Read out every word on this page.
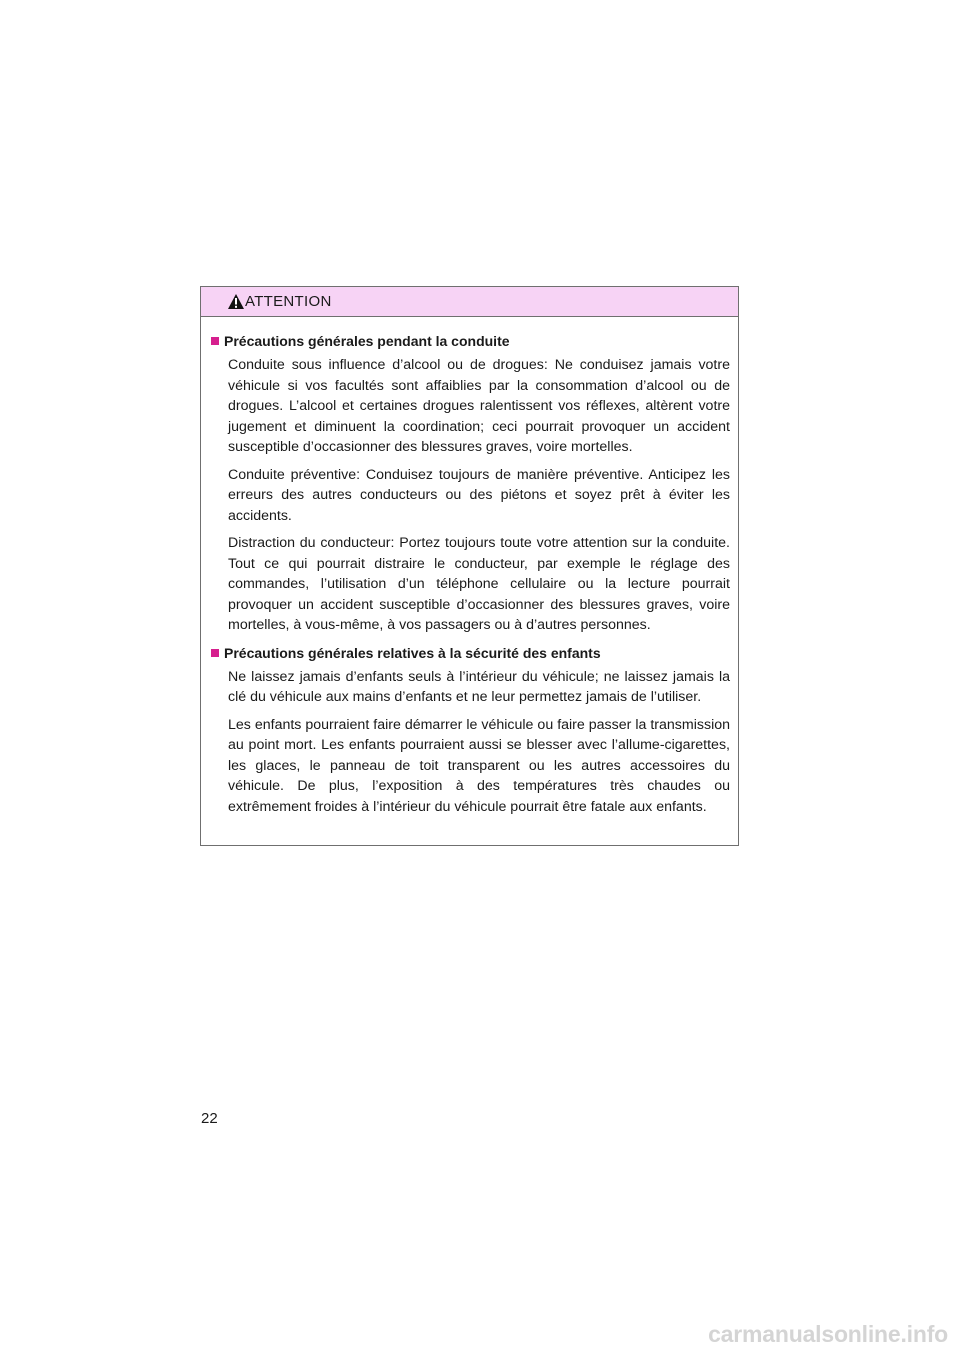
ATTENTION
Précautions générales pendant la conduite

Conduite sous influence d’alcool ou de drogues: Ne conduisez jamais votre véhicule si vos facultés sont affaiblies par la consommation d’alcool ou de drogues. L’alcool et certaines drogues ralentissent vos réflexes, altèrent votre jugement et diminuent la coordination; ceci pourrait provoquer un accident susceptible d’occasionner des blessures graves, voire mortelles.

Conduite préventive: Conduisez toujours de manière préventive. Anticipez les erreurs des autres conducteurs ou des piétons et soyez prêt à éviter les accidents.

Distraction du conducteur: Portez toujours toute votre attention sur la conduite. Tout ce qui pourrait distraire le conducteur, par exemple le réglage des commandes, l’utilisation d’un téléphone cellulaire ou la lecture pourrait provoquer un accident susceptible d’occasionner des blessures graves, voire mortelles, à vous-même, à vos passagers ou à d’autres personnes.

Précautions générales relatives à la sécurité des enfants

Ne laissez jamais d’enfants seuls à l’intérieur du véhicule; ne laissez jamais la clé du véhicule aux mains d’enfants et ne leur permettez jamais de l’utiliser.

Les enfants pourraient faire démarrer le véhicule ou faire passer la transmission au point mort. Les enfants pourraient aussi se blesser avec l’allume-cigarettes, les glaces, le panneau de toit transparent ou les autres accessoires du véhicule. De plus, l’exposition à des températures très chaudes ou extrêmement froides à l’intérieur du véhicule pourrait être fatale aux enfants.

22
carmanualsonline.info
